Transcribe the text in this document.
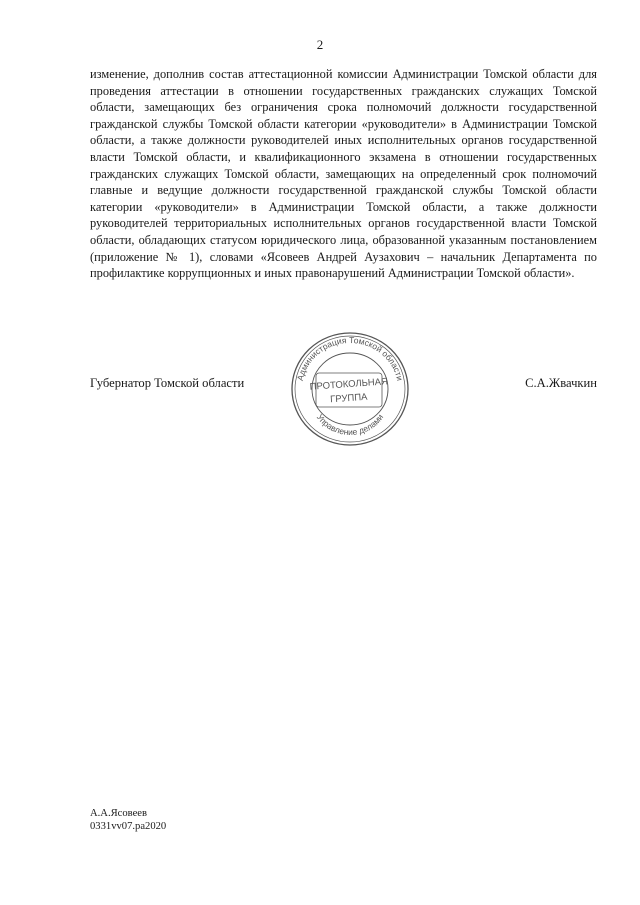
2

изменение, дополнив состав аттестационной комиссии Администрации Томской области для проведения аттестации в отношении государственных гражданских служащих Томской области, замещающих без ограничения срока полномочий должности государственной гражданской службы Томской области категории «руководители» в Администрации Томской области, а также должности руководителей иных исполнительных органов государственной власти Томской области, и квалификационного экзамена в отношении государственных гражданских служащих Томской области, замещающих на определенный срок полномочий главные и ведущие должности государственной гражданской службы Томской области категории «руководители» в Администрации Томской области, а также должности руководителей территориальных исполнительных органов государственной власти Томской области, обладающих статусом юридического лица, образованной указанным постановлением (приложение № 1), словами «Ясовеев Андрей Аузахович – начальник Департамента по профилактике коррупционных и иных правонарушений Администрации Томской области».

Губернатор Томской области	С.А.Жвачкин
Администрация Томской области
Управление делами
ПРОТОКОЛЬНАЯ
ГРУППА
А.А.Ясовеев
0331vv07.pa2020
